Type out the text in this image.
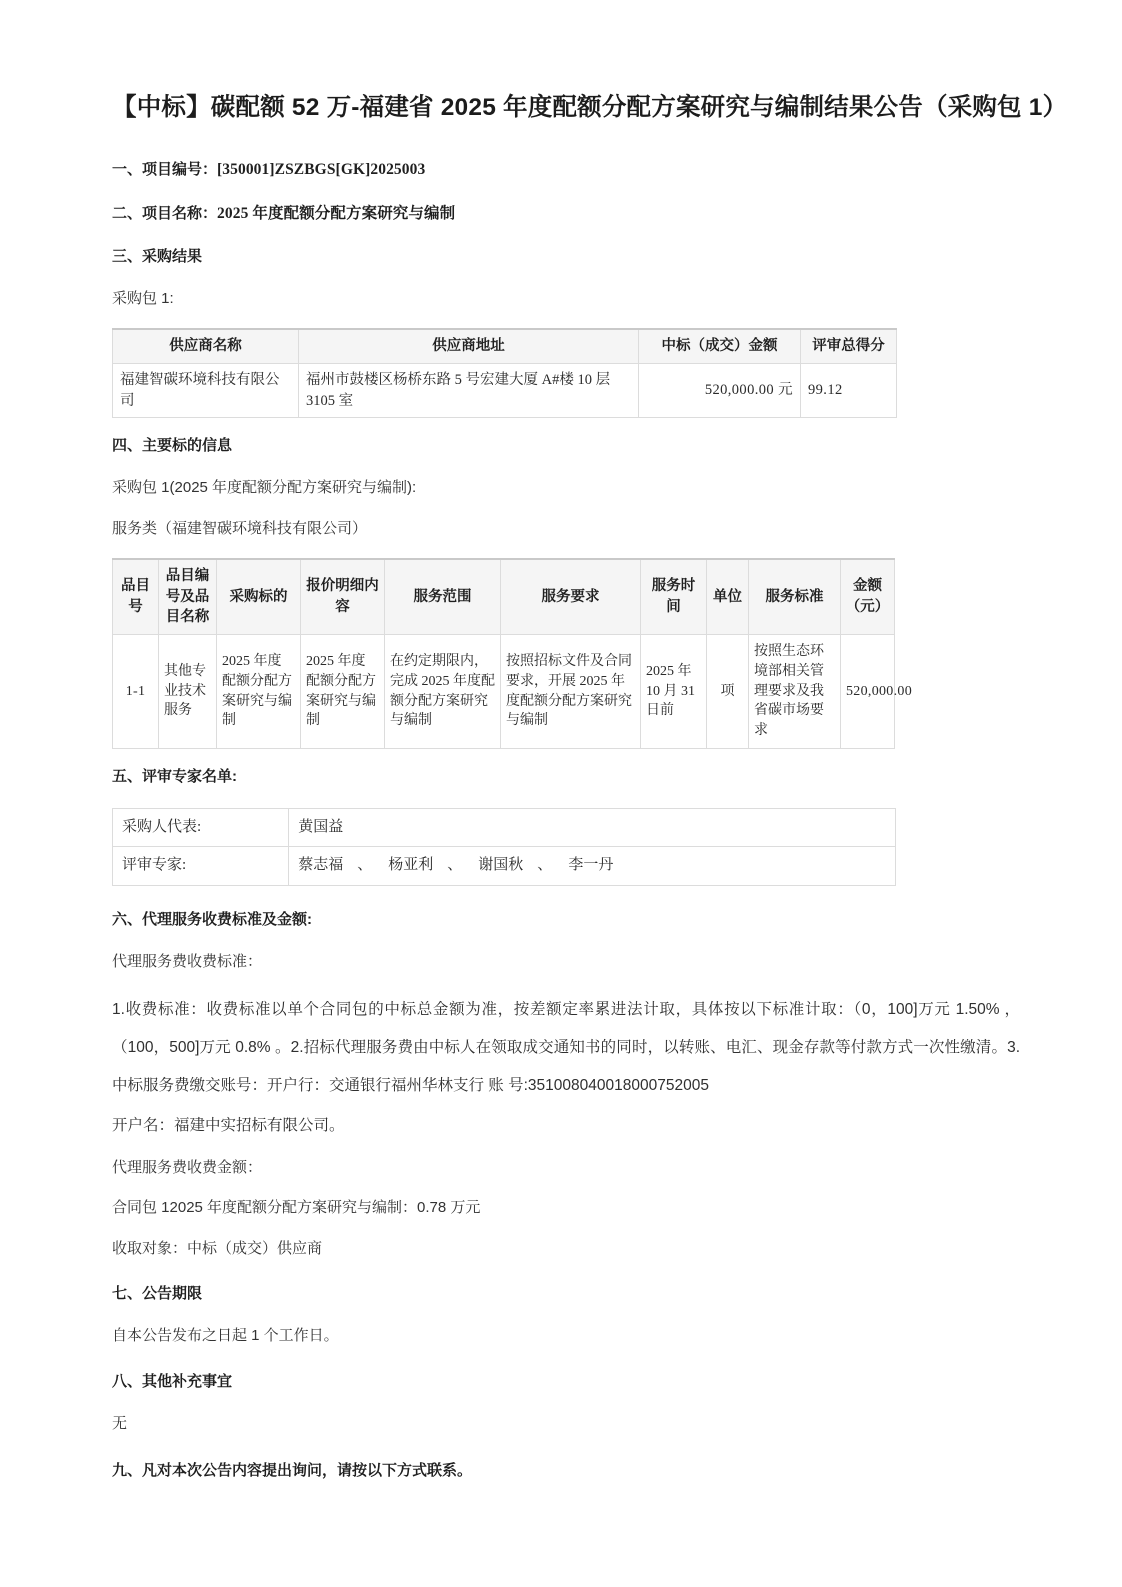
【中标】碳配额 52 万-福建省 2025 年度配额分配方案研究与编制结果公告（采购包 1）

一、项目编号：[350001]ZSZBGS[GK]2025003

二、项目名称：2025 年度配额分配方案研究与编制

三、采购结果

采购包 1:

供应商名称	供应商地址	中标（成交）金额	评审总得分
福建智碳环境科技有限公司	福州市鼓楼区杨桥东路 5 号宏建大厦 A#楼 10 层 3105 室	520,000.00 元	99.12

四、主要标的信息

采购包 1(2025 年度配额分配方案研究与编制):

服务类（福建智碳环境科技有限公司）

品目号	品目编号及品目名称	采购标的	报价明细内容	服务范围	服务要求	服务时间	单位	服务标准	金额（元）
1-1	其他专业技术服务	2025 年度配额分配方案研究与编制	2025 年度配额分配方案研究与编制	在约定期限内，完成 2025 年度配额分配方案研究与编制	按照招标文件及合同要求，开展 2025 年度配额分配方案研究与编制	2025 年 10 月 31 日前	项	按照生态环境部相关管理要求及我省碳市场要求	520,000.00

五、评审专家名单:

采购人代表:	黄国益
评审专家:	蔡志福 、 杨亚利 、 谢国秋 、 李一丹

六、代理服务收费标准及金额:

代理服务费收费标准：

1.收费标准：收费标准以单个合同包的中标总金额为准，按差额定率累进法计取，具体按以下标准计取：（0，100]万元 1.50% ，（100，500]万元 0.8% 。2.招标代理服务费由中标人在领取成交通知书的同时，以转账、电汇、现金存款等付款方式一次性缴清。3.中标服务费缴交账号：开户行：交通银行福州华林支行 账 号:351008040018000752005

开户名：福建中实招标有限公司。

代理服务费收费金额：

合同包 12025 年度配额分配方案研究与编制：0.78 万元

收取对象：中标（成交）供应商

七、公告期限

自本公告发布之日起 1 个工作日。

八、其他补充事宜

无

九、凡对本次公告内容提出询问，请按以下方式联系。
